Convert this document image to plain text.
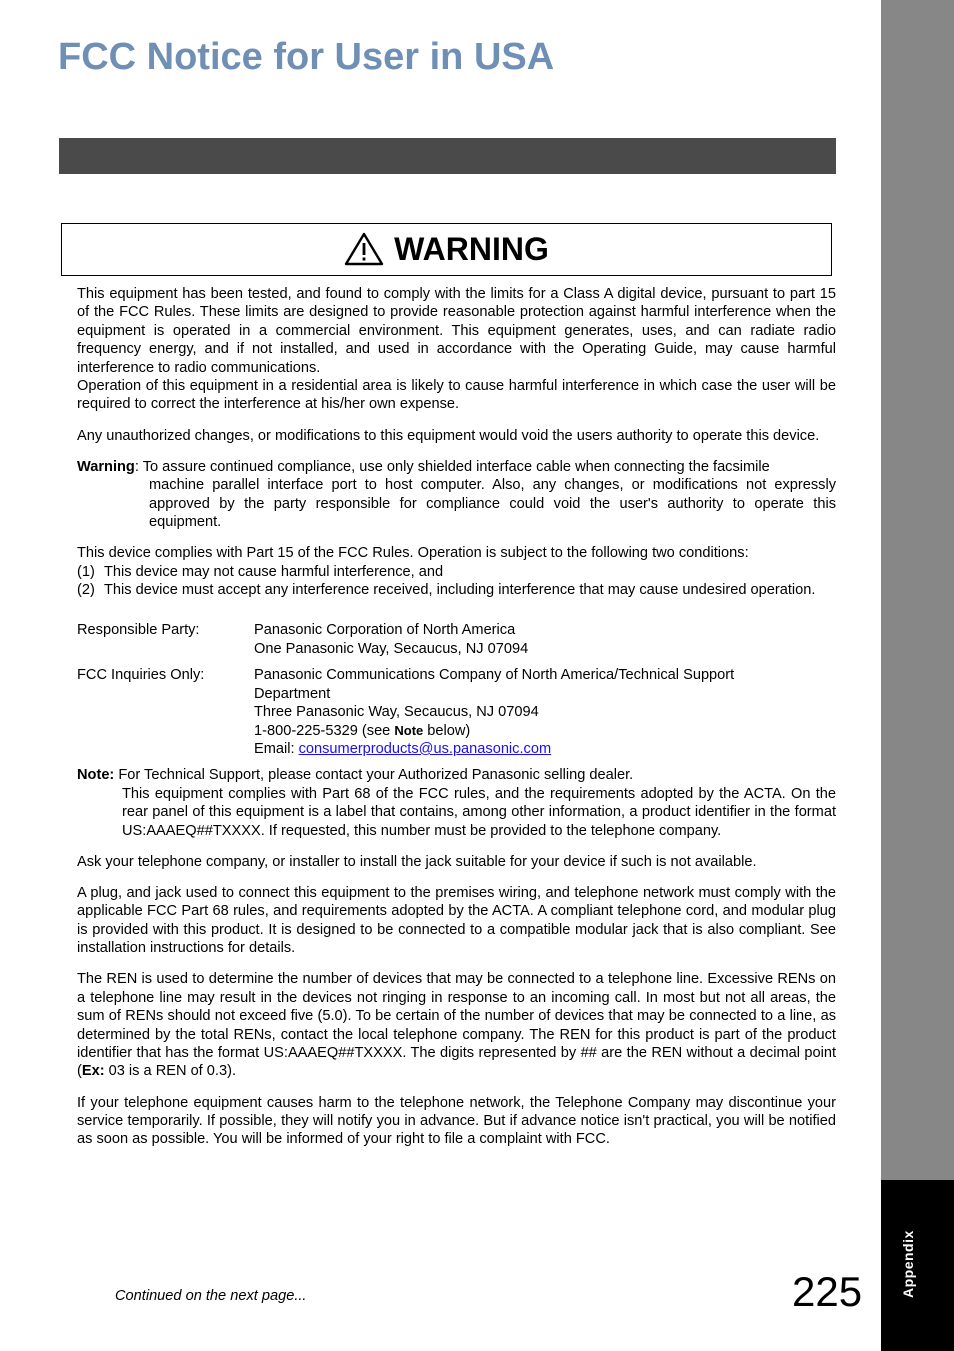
FCC Notice for User in USA
Appendix
WARNING

This equipment has been tested, and found to comply with the limits for a Class A digital device, pursuant to part 15 of the FCC Rules. These limits are designed to provide reasonable protection against harmful interference when the equipment is operated in a commercial environment. This equipment generates, uses, and can radiate radio frequency energy, and if not installed, and used in accordance with the Operating Guide, may cause harmful interference to radio communications.

Operation of this equipment in a residential area is likely to cause harmful interference in which case the user will be required to correct the interference at his/her own expense.

Any unauthorized changes, or modifications to this equipment would void the users authority to operate this device.

Warning: To assure continued compliance, use only shielded interface cable when connecting the facsimile

machine parallel interface port to host computer. Also, any changes, or modifications not expressly approved by the party responsible for compliance could void the user's authority to operate this equipment.

This device complies with Part 15 of the FCC Rules. Operation is subject to the following two conditions:

(1) This device may not cause harmful interference, and
(2) This device must accept any interference received, including interference that may cause undesired operation.
Responsible Party:	Panasonic Corporation of North America
One Panasonic Way, Secaucus, NJ 07094
FCC Inquiries Only:	Panasonic Communications Company of North America/Technical Support
Department
Three Panasonic Way, Secaucus, NJ 07094
1-800-225-5329 (see Note below)
Email: consumerproducts@us.panasonic.com

Note: For Technical Support, please contact your Authorized Panasonic selling dealer.

This equipment complies with Part 68 of the FCC rules, and the requirements adopted by the ACTA. On the rear panel of this equipment is a label that contains, among other information, a product identifier in the format US:AAAEQ##TXXXX. If requested, this number must be provided to the telephone company.

Ask your telephone company, or installer to install the jack suitable for your device if such is not available.

A plug, and jack used to connect this equipment to the premises wiring, and telephone network must comply with the applicable FCC Part 68 rules, and requirements adopted by the ACTA. A compliant telephone cord, and modular plug is provided with this product. It is designed to be connected to a compatible modular jack that is also compliant. See installation instructions for details.

The REN is used to determine the number of devices that may be connected to a telephone line. Excessive RENs on a telephone line may result in the devices not ringing in response to an incoming call. In most but not all areas, the sum of RENs should not exceed five (5.0). To be certain of the number of devices that may be connected to a line, as determined by the total RENs, contact the local telephone company. The REN for this product is part of the product identifier that has the format US:AAAEQ##TXXXX. The digits represented by ## are the REN without a decimal point (Ex: 03 is a REN of 0.3).

If your telephone equipment causes harm to the telephone network, the Telephone Company may discontinue your service temporarily. If possible, they will notify you in advance. But if advance notice isn't practical, you will be notified as soon as possible. You will be informed of your right to file a complaint with FCC.

Continued on the next page...	225
